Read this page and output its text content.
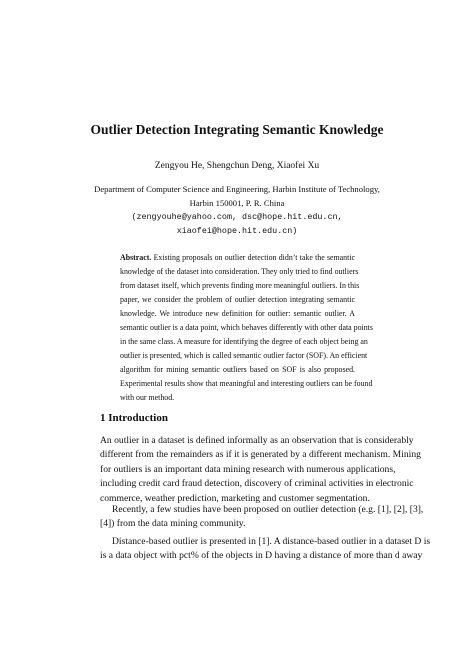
Outlier Detection Integrating Semantic Knowledge
Zengyou He, Shengchun Deng, Xiaofei Xu
Department of Computer Science and Engineering, Harbin Institute of Technology,
Harbin 150001, P. R. China
(zengyouhe@yahoo.com, dsc@hope.hit.edu.cn,
xiaofei@hope.hit.edu.cn)
Abstract. Existing proposals on outlier detection didn’t take the semantic
knowledge of the dataset into consideration. They only tried to find outliers
from dataset itself, which prevents finding more meaningful outliers. In this
paper, we consider the problem of outlier detection integrating semantic
knowledge. We introduce new definition for outlier: semantic outlier. A
semantic outlier is a data point, which behaves differently with other data points
in the same class. A measure for identifying the degree of each object being an
outlier is presented, which is called semantic outlier factor (SOF). An efficient
algorithm for mining semantic outliers based on SOF is also proposed.
Experimental results show that meaningful and interesting outliers can be found
with our method.
1 Introduction
An outlier in a dataset is defined informally as an observation that is considerably
different from the remainders as if it is generated by a different mechanism. Mining
for outliers is an important data mining research with numerous applications,
including credit card fraud detection, discovery of criminal activities in electronic
commerce, weather prediction, marketing and customer segmentation.
Recently, a few studies have been proposed on outlier detection (e.g. [1], [2], [3],
[4]) from the data mining community.
Distance-based outlier is presented in [1]. A distance-based outlier in a dataset D is
is a data object with pct% of the objects in D having a distance of more than d away
